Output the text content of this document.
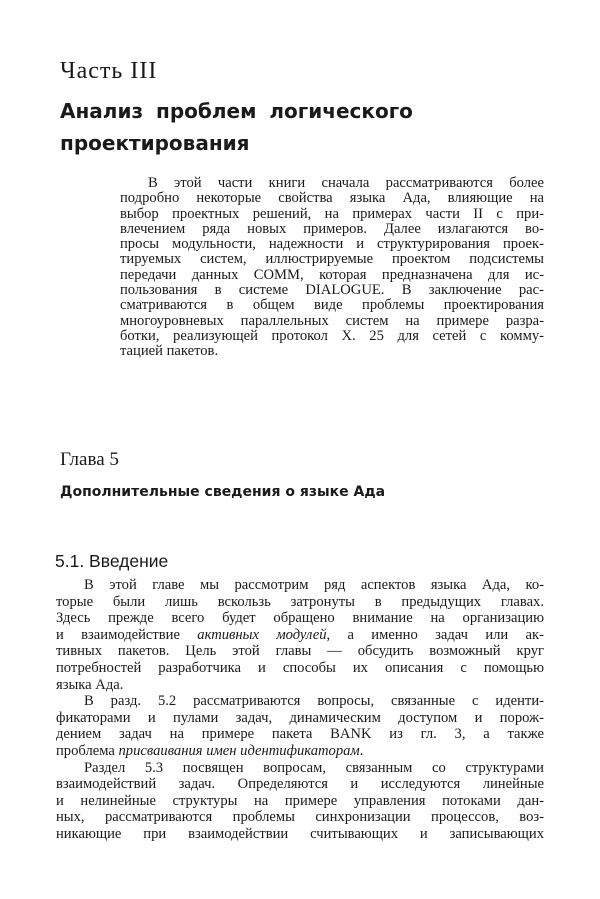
Часть III
Анализ проблем логического
проектирования
В этой части книги сначала рассматриваются более
подробно некоторые свойства языка Ада, влияющие на
выбор проектных решений, на примерах части II с при-
влечением ряда новых примеров. Далее излагаются во-
просы модульности, надежности и структурирования проек-
тируемых систем, иллюстрируемые проектом подсистемы
передачи данных COMM, которая предназначена для ис-
пользования в системе DIALOGUE. В заключение рас-
сматриваются в общем виде проблемы проектирования
многоуровневых параллельных систем на примере разра-
ботки, реализующей протокол X. 25 для сетей с комму-
тацией пакетов.
Глава 5
Дополнительные сведения о языке Ада
5.1. Введение
В этой главе мы рассмотрим ряд аспектов языка Ада, ко-
торые были лишь вскользь затронуты в предыдущих главах.
Здесь прежде всего будет обращено внимание на организацию
и взаимодействие активных модулей, а именно задач или ак-
тивных пакетов. Цель этой главы — обсудить возможный круг
потребностей разработчика и способы их описания с помощью
языка Ада.
В разд. 5.2 рассматриваются вопросы, связанные с иденти-
фикаторами и пулами задач, динамическим доступом и порож-
дением задач на примере пакета BANK из гл. 3, а также
проблема присваивания имен идентификаторам.
Раздел 5.3 посвящен вопросам, связанным со структурами
взаимодействий задач. Определяются и исследуются линейные
и нелинейные структуры на примере управления потоками дан-
ных, рассматриваются проблемы синхронизации процессов, воз-
никающие при взаимодействии считывающих и записывающих
